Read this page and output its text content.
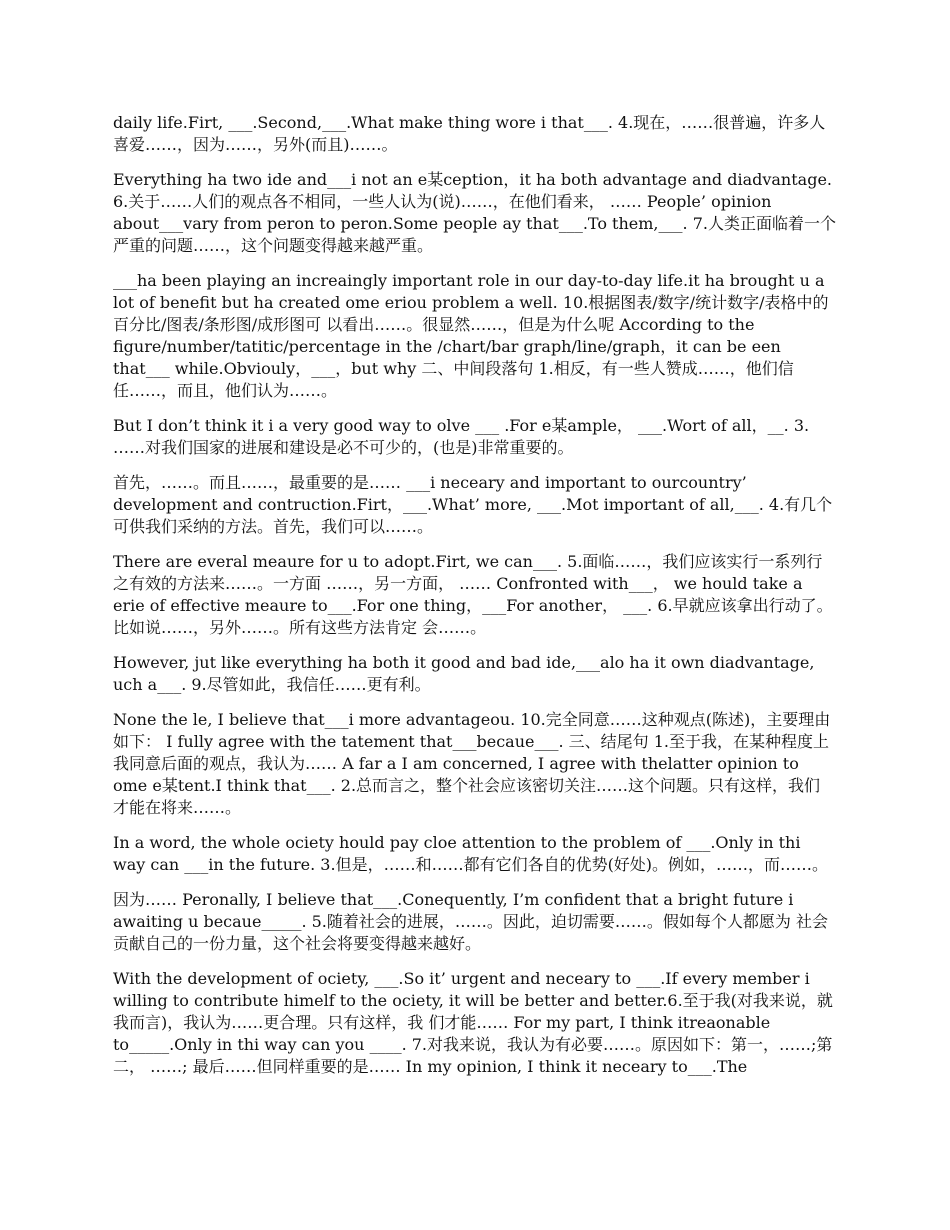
daily life.Firt, ___.Second,___.What make thing wore i that___. 4.现在，……很普遍，许多人喜爱……，因为……，另外(而且)……。

Everything ha two ide and___i not an e某ception，it ha both advantage and diadvantage. 6.关于……人们的观点各不相同，一些人认为(说)……，在他们看来， …… People’ opinion about___vary from peron to peron.Some people ay that___.To them,___. 7.人类正面临着一个严重的问题……，这个问题变得越来越严重。

___ha been playing an increaingly important role in our day-to-day life.it ha brought u a lot of benefit but ha created ome eriou problem a well. 10.根据图表/数字/统计数字/表格中的百分比/图表/条形图/成形图可 以看出……。很显然……，但是为什么呢 According to the figure/number/tatitic/percentage in the /chart/bar graph/line/graph，it can be een that___ while.Obviouly，___，but why 二、中间段落句 1.相反，有一些人赞成……，他们信任……，而且，他们认为……。

But I don’t think it i a very good way to olve ___ .For e某ample， ___.Wort of all，__. 3. ……对我们国家的进展和建设是必不可少的，(也是)非常重要的。

首先，……。而且……，最重要的是…… ___i neceary and important to ourcountry’ development and contruction.Firt，___.What’ more, ___.Mot important of all,___. 4.有几个可供我们采纳的方法。首先，我们可以……。

There are everal meaure for u to adopt.Firt, we can___. 5.面临……，我们应该实行一系列行之有效的方法来……。一方面 ……，另一方面， …… Confronted with___， we hould take a erie of effective meaure to___.For one thing，___For another， ___. 6.早就应该拿出行动了。比如说……，另外……。所有这些方法肯定 会……。

However, jut like everything ha both it good and bad ide,___alo ha it own diadvantage, uch a___. 9.尽管如此，我信任……更有利。

None the le, I believe that___i more advantageou. 10.完全同意……这种观点(陈述)，主要理由如下： I fully agree with the tatement that___becaue___. 三、结尾句 1.至于我，在某种程度上我同意后面的观点，我认为…… A far a I am concerned, I agree with thelatter opinion to ome e某tent.I think that___. 2.总而言之，整个社会应该密切关注……这个问题。只有这样，我们 才能在将来……。

In a word, the whole ociety hould pay cloe attention to the problem of ___.Only in thi way can ___in the future. 3.但是，……和……都有它们各自的优势(好处)。例如，……，而……。

因为…… Peronally, I believe that___.Conequently, I’m confident that a bright future i awaiting u becaue_____. 5.随着社会的进展，……。因此，迫切需要……。假如每个人都愿为 社会贡献自己的一份力量，这个社会将要变得越来越好。

With the development of ociety, ___.So it’ urgent and neceary to ___.If every member i willing to contribute himelf to the ociety, it will be better and better.6.至于我(对我来说，就我而言)，我认为……更合理。只有这样，我 们才能…… For my part, I think itreaonable to_____.Only in thi way can you ____. 7.对我来说，我认为有必要……。原因如下：第一，……;第二， ……; 最后……但同样重要的是…… In my opinion, I think it neceary to___.The
